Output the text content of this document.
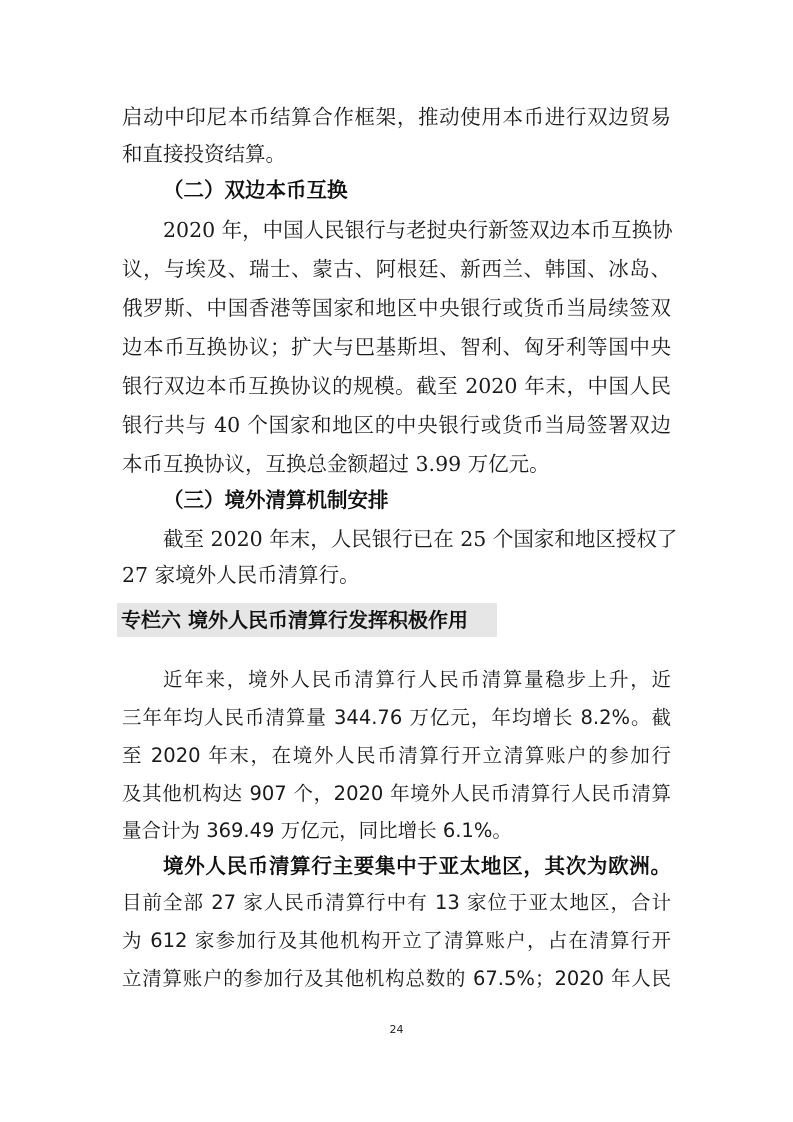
启动中印尼本币结算合作框架，推动使用本币进行双边贸易
和直接投资结算。
（二）双边本币互换
2020 年，中国人民银行与老挝央行新签双边本币互换协
议，与埃及、瑞士、蒙古、阿根廷、新西兰、韩国、冰岛、
俄罗斯、中国香港等国家和地区中央银行或货币当局续签双
边本币互换协议；扩大与巴基斯坦、智利、匈牙利等国中央
银行双边本币互换协议的规模。截至 2020 年末，中国人民
银行共与 40 个国家和地区的中央银行或货币当局签署双边
本币互换协议，互换总金额超过 3.99 万亿元。
（三）境外清算机制安排
截至 2020 年末，人民银行已在 25 个国家和地区授权了
27 家境外人民币清算行。
专栏六 境外人民币清算行发挥积极作用
近年来，境外人民币清算行人民币清算量稳步上升，近
三年年均人民币清算量 344.76 万亿元，年均增长 8.2%。截
至 2020 年末，在境外人民币清算行开立清算账户的参加行
及其他机构达 907 个，2020 年境外人民币清算行人民币清算
量合计为 369.49 万亿元，同比增长 6.1%。
境外人民币清算行主要集中于亚太地区，其次为欧洲。
目前全部 27 家人民币清算行中有 13 家位于亚太地区，合计
为 612 家参加行及其他机构开立了清算账户，占在清算行开
立清算账户的参加行及其他机构总数的 67.5%；2020 年人民
24
